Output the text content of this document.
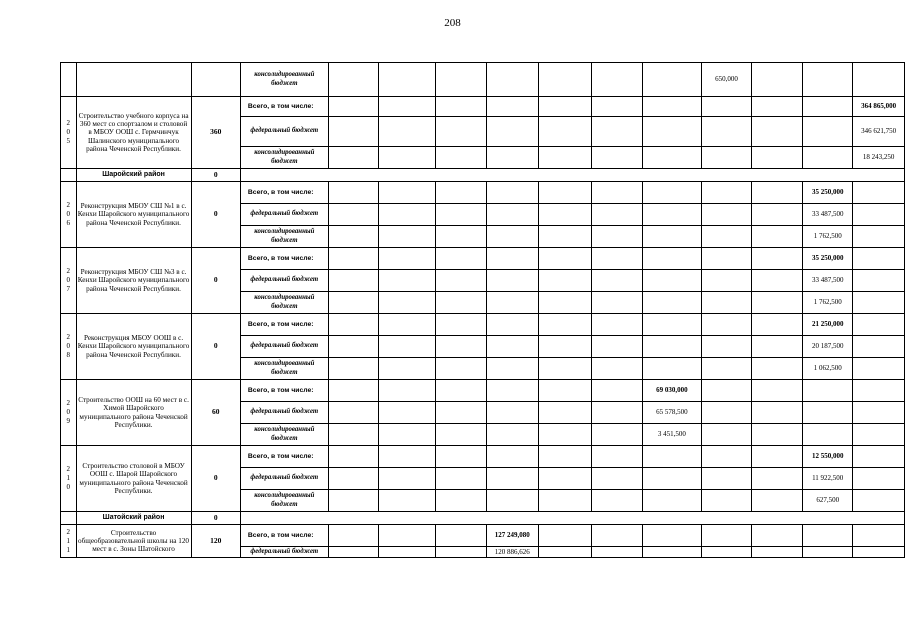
208

			консолидированный бюджет								650,000			

2
0
5	Строительство учебного корпуса на 360 мест со спортзалом и столовой в МБОУ ООШ с. Гермчинчук Шалинского муниципального района Чеченской Республики.	360	Всего, в том числе:											364 865,000

			федеральный бюджет											346 621,750

			консолидированный бюджет											18 243,250
	Шаройский район	0												

2
0
6	Реконструкция МБОУ СШ №1 в с. Кенхи Шаройского муниципального района Чеченской Республики.	0	Всего, в том числе:										35 250,000	

			федеральный бюджет										33 487,500	

			консолидированный бюджет										1 762,500	

2
0
7	Реконструкция МБОУ СШ №3 в с. Кенхи Шаройского муниципального района Чеченской Республики.	0	Всего, в том числе:										35 250,000	

			федеральный бюджет										33 487,500	

			консолидированный бюджет										1 762,500	

2
0
8	Реконструкция МБОУ ООШ в с. Кенхи Шаройского муниципального района Чеченской Республики.	0	Всего, в том числе:										21 250,000	

			федеральный бюджет										20 187,500	

			консолидированный бюджет										1 062,500	

2
0
9	Строительство ООШ на 60 мест в с. Химой Шаройского муниципального района Чеченской Республики.	60	Всего, в том числе:							69 030,000				

			федеральный бюджет							65 578,500				

			консолидированный бюджет							3 451,500				

2
1
0	Строительство столовой в МБОУ ООШ с. Шарой Шаройского муниципального района Чеченской Республики.	0	Всего, в том числе:										12 550,000	

			федеральный бюджет										11 922,500	

			консолидированный бюджет										627,500	
	Шатойский район	0												

2
1
1	Строительство общеобразовательной школы на 120 мест в с. Зоны Шатойского	120	Всего, в том числе:				127 249,080							

			федеральный бюджет				120 886,626							
